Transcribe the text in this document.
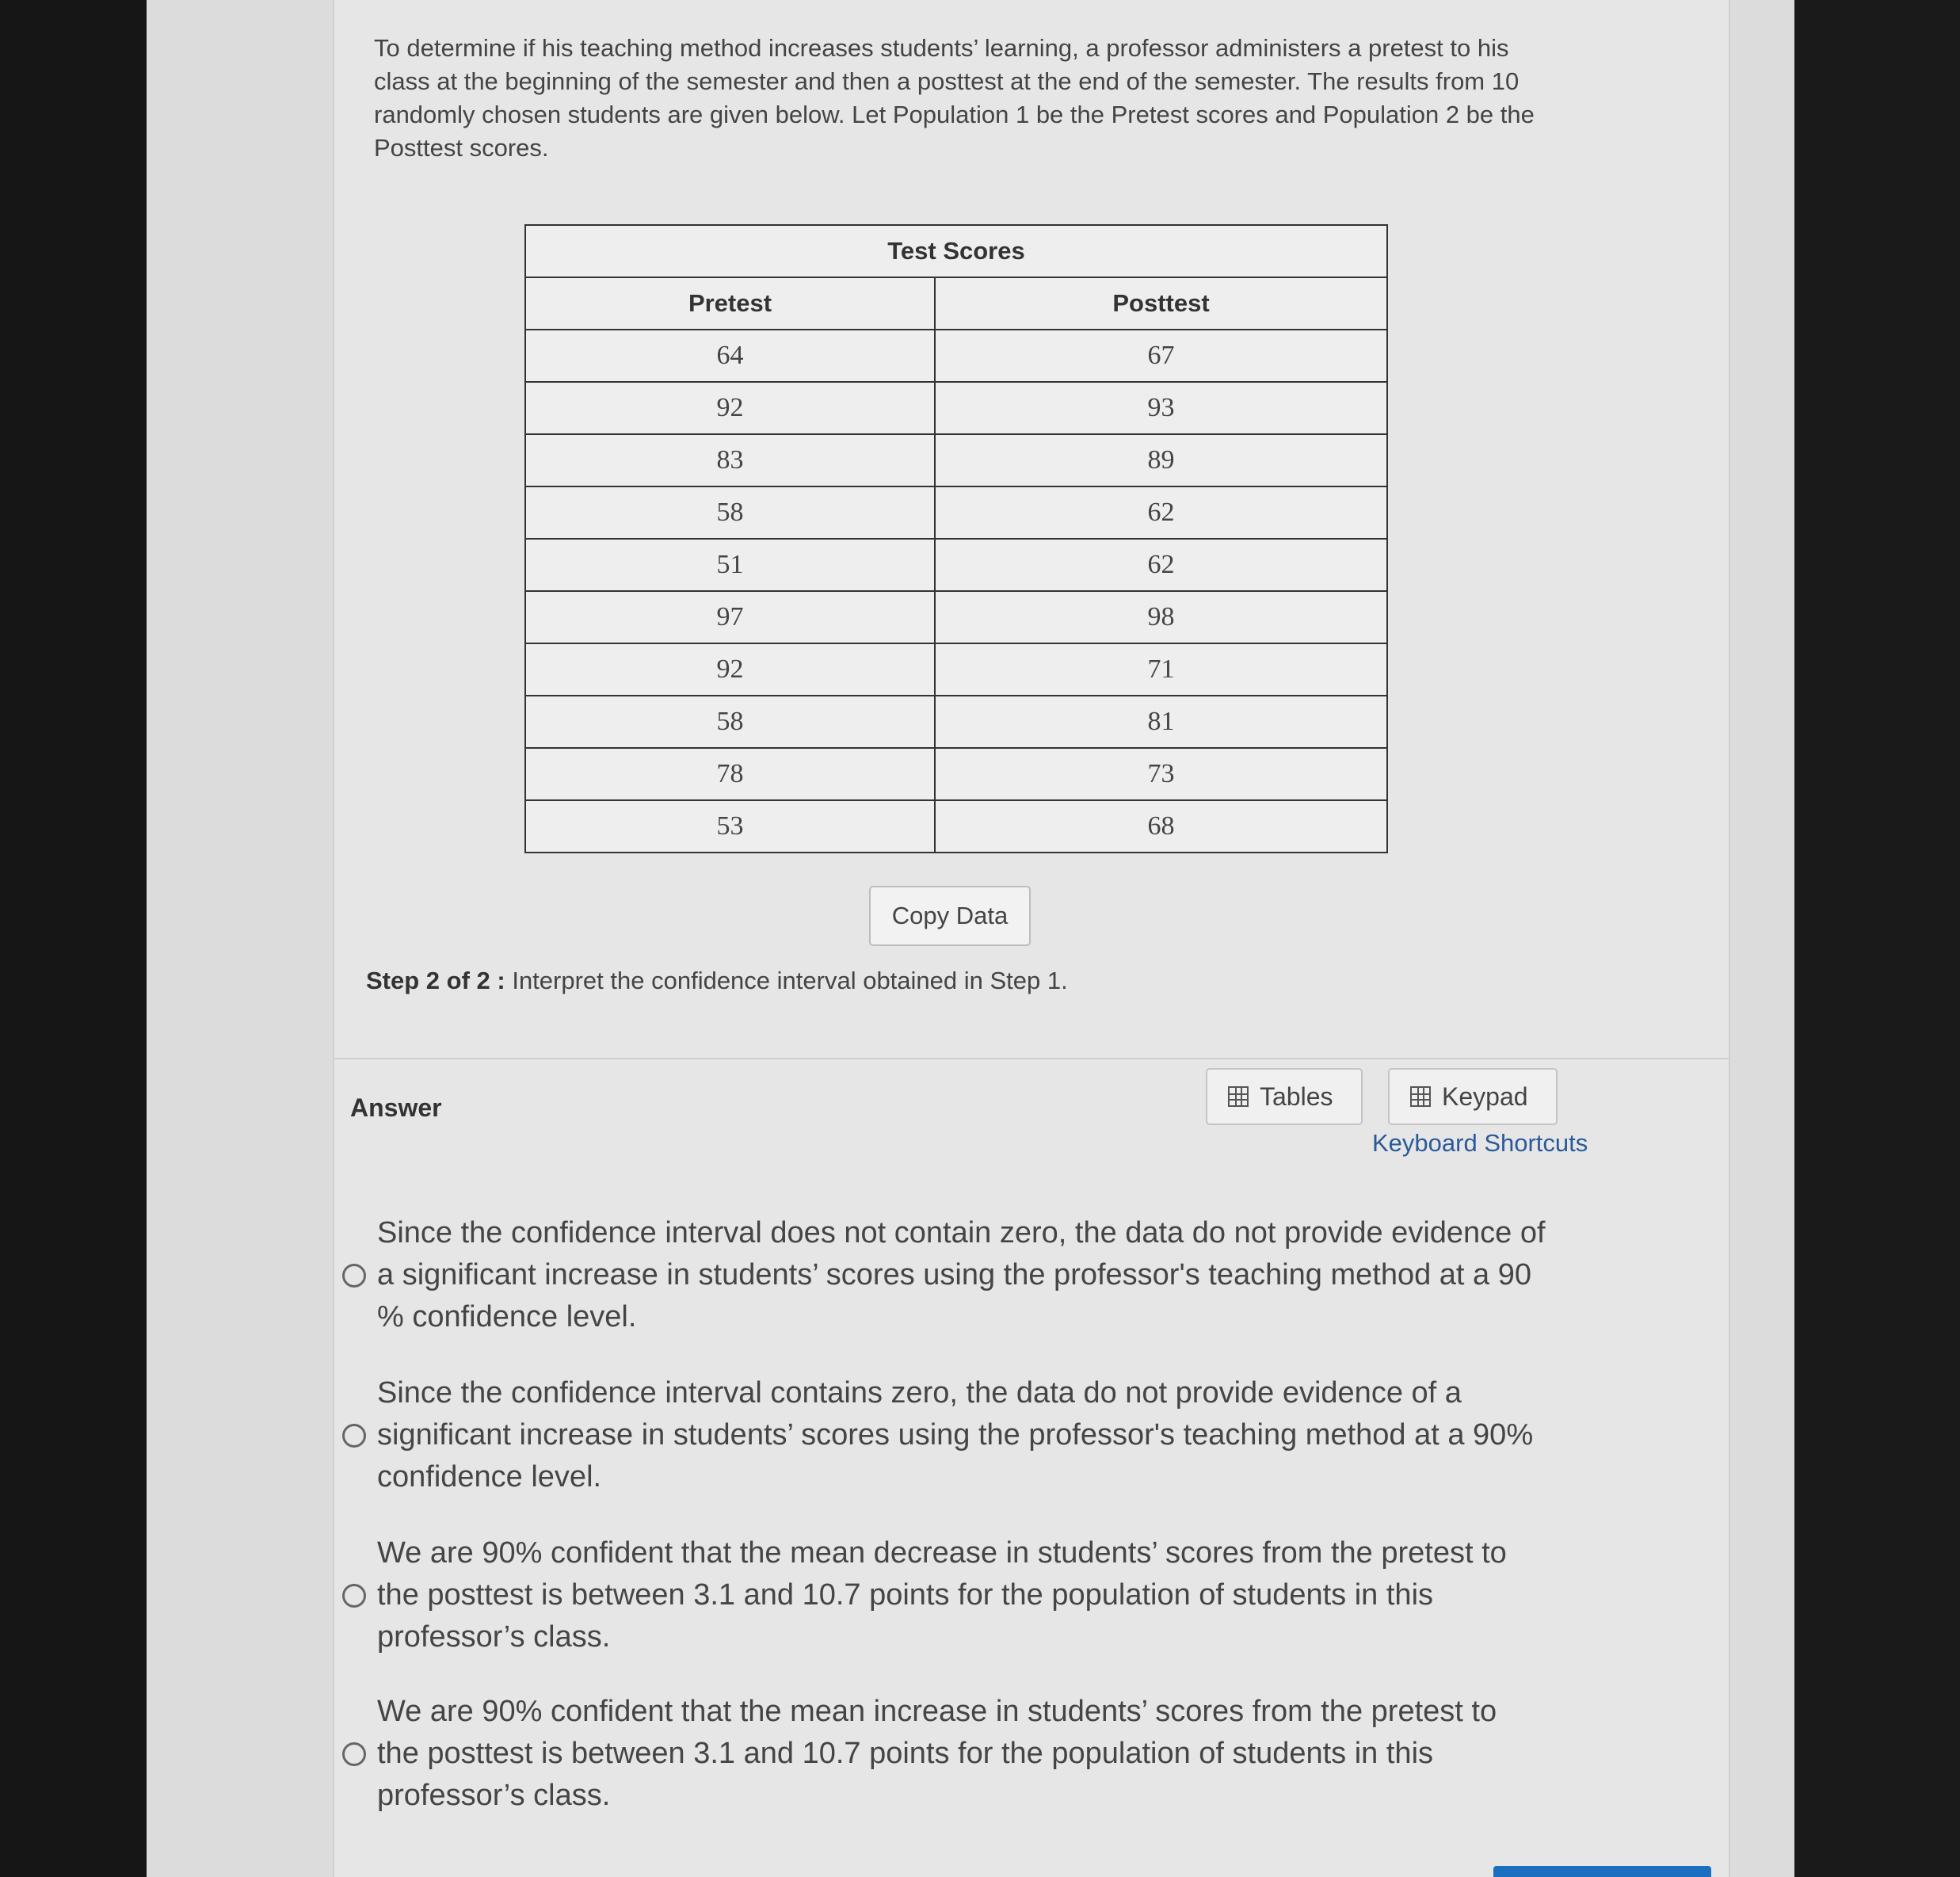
To determine if his teaching method increases students’ learning, a professor administers a pretest to his class at the beginning of the semester and then a posttest at the end of the semester. The results from 10 randomly chosen students are given below. Let Population 1 be the Pretest scores and Population 2 be the Posttest scores.
Test Scores	
Pretest	Posttest
64	67
92	93
83	89
58	62
51	62
97	98
92	71
58	81
78	73
53	68
Copy Data
Step 2 of 2 : Interpret the confidence interval obtained in Step 1.
Answer	Tables	Keypad
Keyboard Shortcuts
Since the confidence interval does not contain zero, the data do not provide evidence of a significant increase in students’ scores using the professor's teaching method at a 90 % confidence level.
Since the confidence interval contains zero, the data do not provide evidence of a significant increase in students’ scores using the professor's teaching method at a 90% confidence level.
We are 90% confident that the mean decrease in students’ scores from the pretest to the posttest is between 3.1 and 10.7 points for the population of students in this professor’s class.
We are 90% confident that the mean increase in students’ scores from the pretest to the posttest is between 3.1 and 10.7 points for the population of students in this professor’s class.
